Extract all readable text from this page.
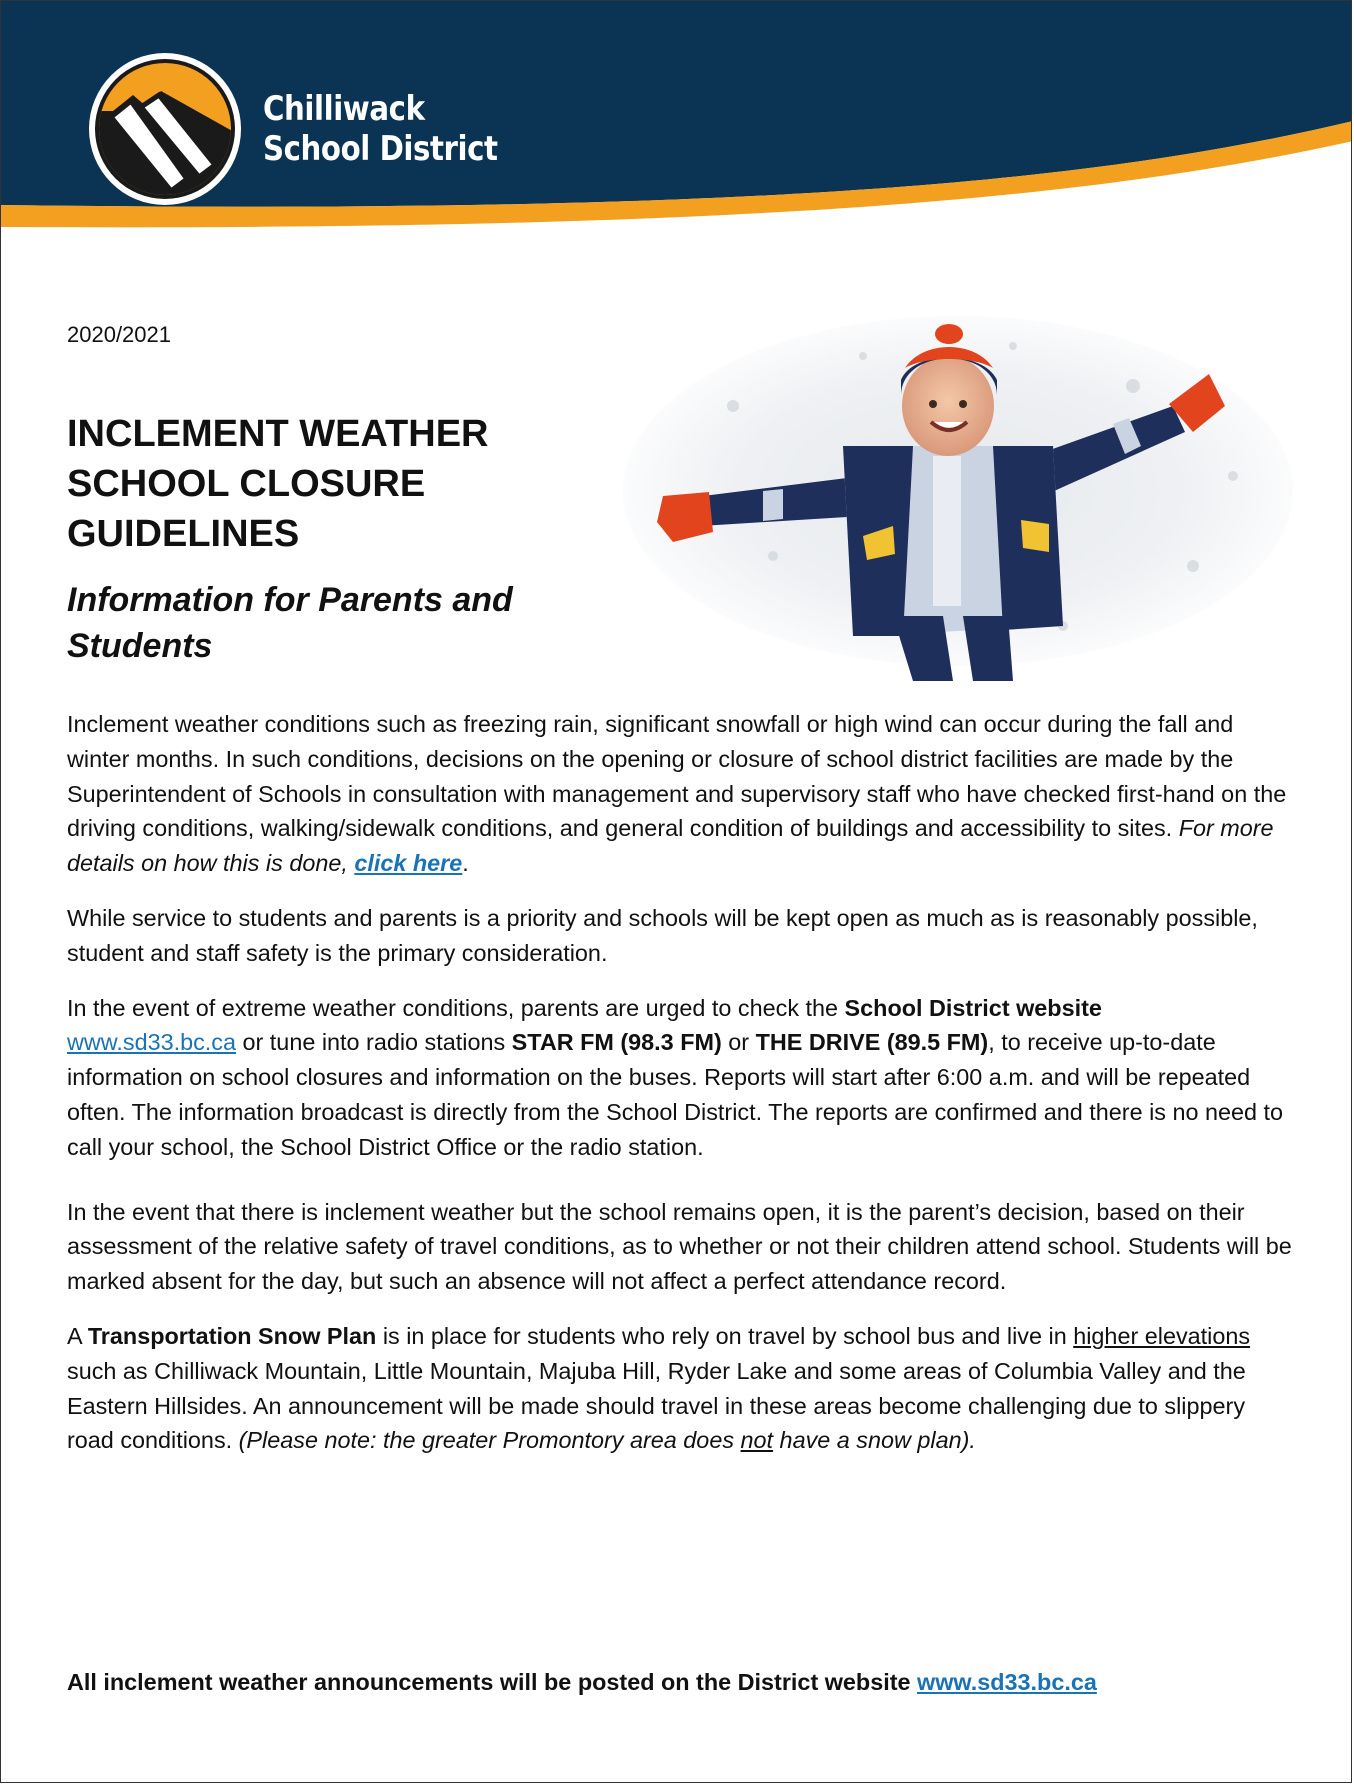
Chilliwack
School District
2020/2021
INCLEMENT WEATHER
SCHOOL CLOSURE
GUIDELINES
Information for Parents and
Students

Inclement weather conditions such as freezing rain, significant snowfall or high wind can occur during the fall and winter months. In such conditions, decisions on the opening or closure of school district facilities are made by the Superintendent of Schools in consultation with management and supervisory staff who have checked first-hand on the driving conditions, walking/sidewalk conditions, and general condition of buildings and accessibility to sites. For more details on how this is done, click here.

While service to students and parents is a priority and schools will be kept open as much as is reasonably possible, student and staff safety is the primary consideration.

In the event of extreme weather conditions, parents are urged to check the School District website
www.sd33.bc.ca or tune into radio stations STAR FM (98.3 FM) or THE DRIVE (89.5 FM), to receive up-to-date information on school closures and information on the buses. Reports will start after 6:00 a.m. and will be repeated often. The information broadcast is directly from the School District. The reports are confirmed and there is no need to call your school, the School District Office or the radio station.

In the event that there is inclement weather but the school remains open, it is the parent’s decision, based on their assessment of the relative safety of travel conditions, as to whether or not their children attend school. Students will be marked absent for the day, but such an absence will not affect a perfect attendance record.

A Transportation Snow Plan is in place for students who rely on travel by school bus and live in higher elevations such as Chilliwack Mountain, Little Mountain, Majuba Hill, Ryder Lake and some areas of Columbia Valley and the Eastern Hillsides. An announcement will be made should travel in these areas become challenging due to slippery road conditions. (Please note: the greater Promontory area does not have a snow plan).

All inclement weather announcements will be posted on the District website www.sd33.bc.ca
